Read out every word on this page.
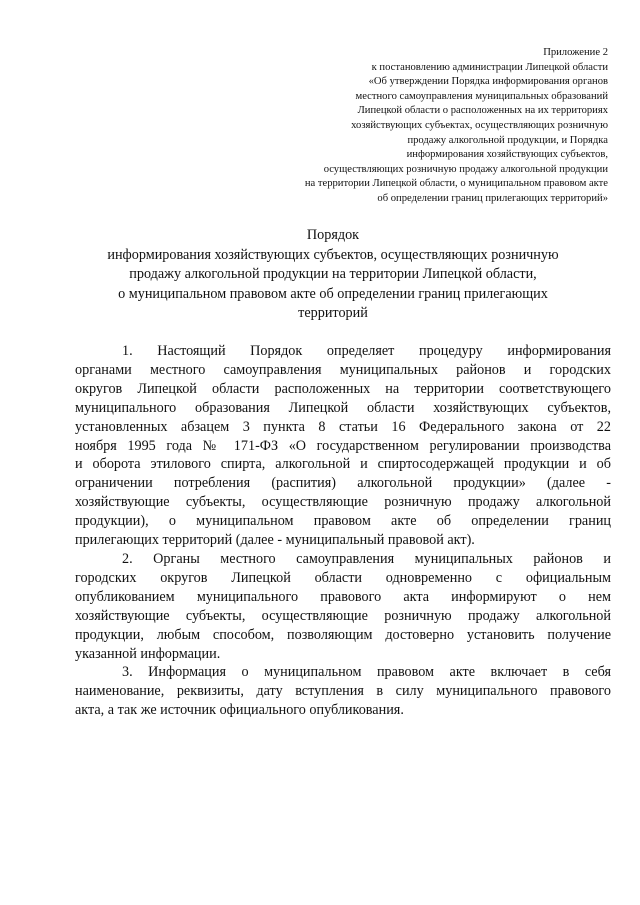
Приложение 2
к постановлению администрации Липецкой области
«Об утверждении Порядка информирования органов
местного самоуправления муниципальных образований
Липецкой области о расположенных на их территориях
хозяйствующих субъектах, осуществляющих розничную
продажу алкогольной продукции, и Порядка
информирования хозяйствующих субъектов,
осуществляющих розничную продажу алкогольной продукции
на территории Липецкой области, о муниципальном правовом акте
об определении границ прилегающих территорий»
Порядок
информирования хозяйствующих субъектов, осуществляющих розничную
продажу алкогольной продукции на территории Липецкой области,
о муниципальном правовом акте об определении границ прилегающих
территорий
1. Настоящий Порядок определяет процедуру информирования
органами местного самоуправления муниципальных районов и городских
округов Липецкой области расположенных на территории соответствующего
муниципального образования Липецкой области хозяйствующих субъектов,
установленных абзацем 3 пункта 8 статьи 16 Федерального закона от 22
ноября 1995 года № 171-ФЗ «О государственном регулировании производства
и оборота этилового спирта, алкогольной и спиртосодержащей продукции и об
ограничении потребления (распития) алкогольной продукции» (далее -
хозяйствующие субъекты, осуществляющие розничную продажу алкогольной
продукции), о муниципальном правовом акте об определении границ
прилегающих территорий (далее - муниципальный правовой акт).
2. Органы местного самоуправления муниципальных районов и
городских округов Липецкой области одновременно с официальным
опубликованием муниципального правового акта информируют о нем
хозяйствующие субъекты, осуществляющие розничную продажу алкогольной
продукции, любым способом, позволяющим достоверно установить получение
указанной информации.
3. Информация о муниципальном правовом акте включает в себя
наименование, реквизиты, дату вступления в силу муниципального правового
акта, а так же источник официального опубликования.
